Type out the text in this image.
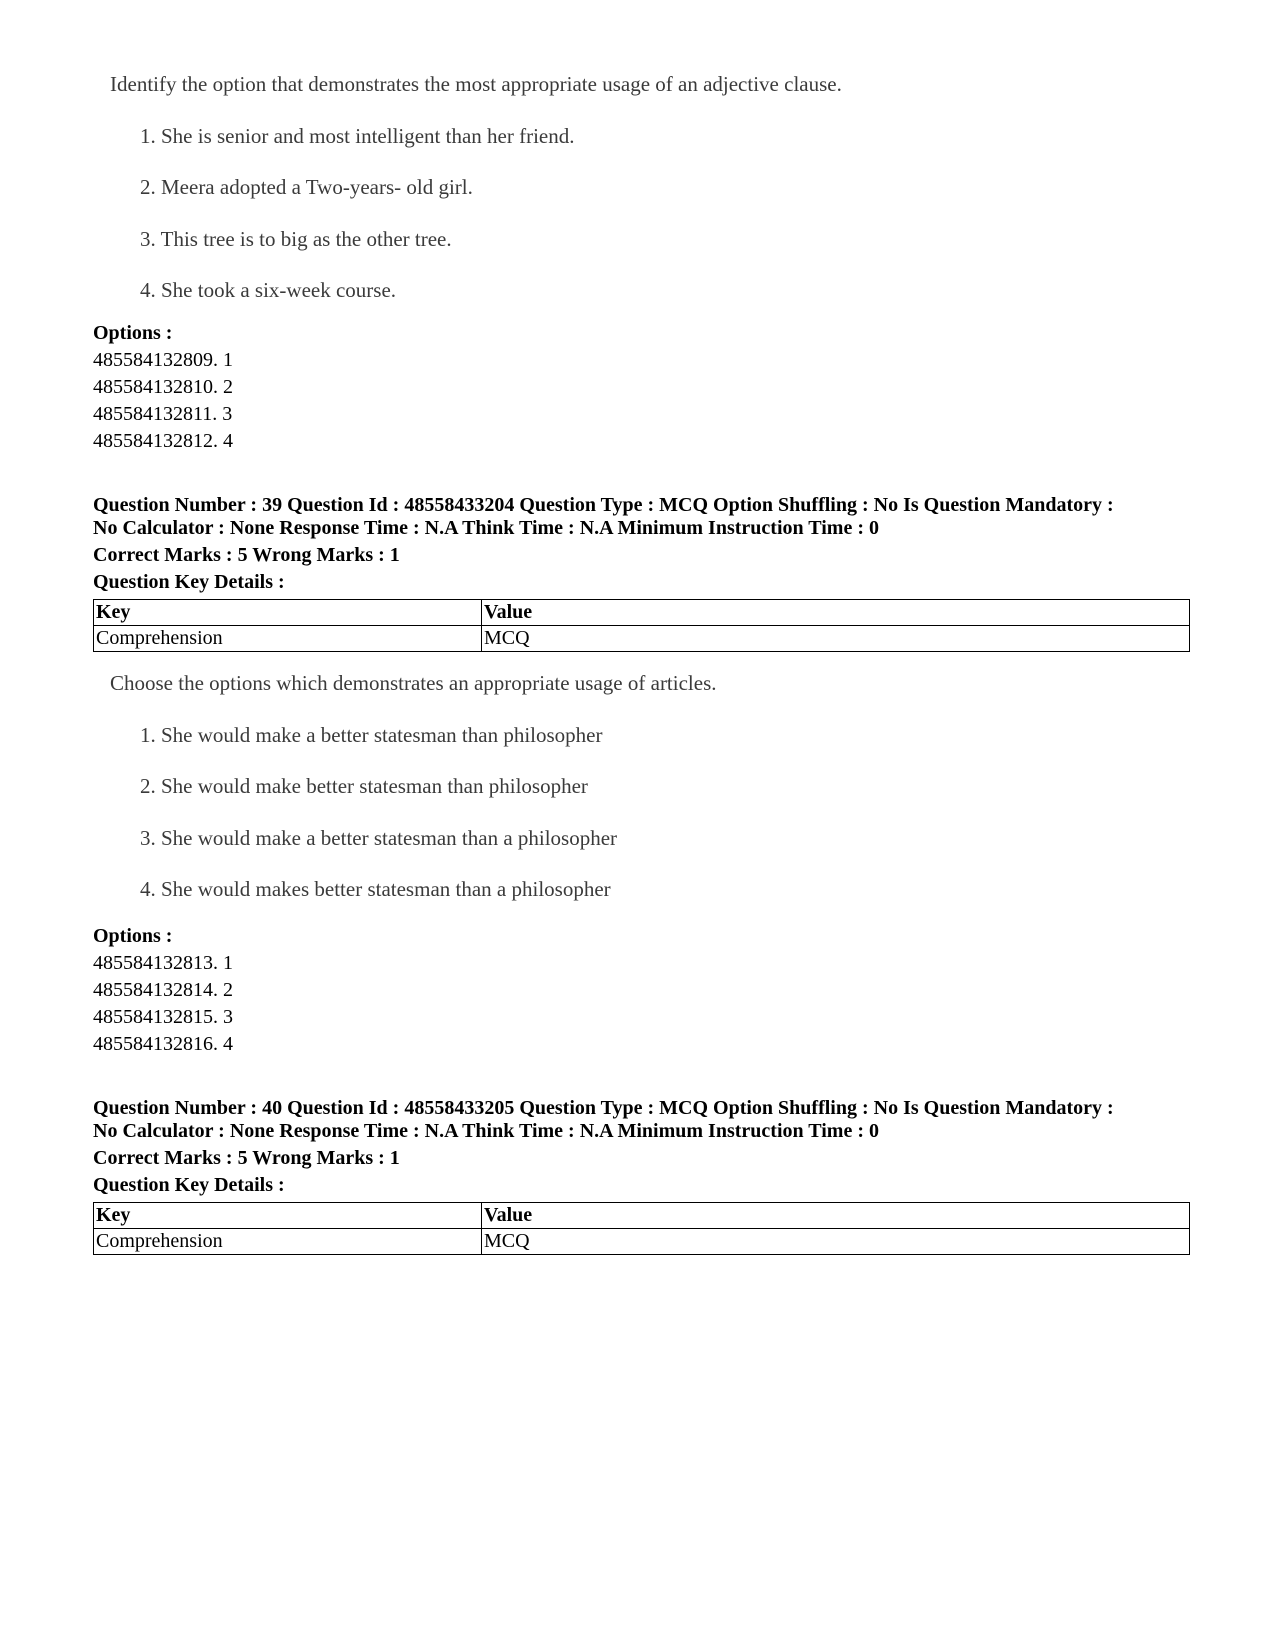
Identify the option that demonstrates the most appropriate usage of an adjective clause.
1. She is senior and most intelligent than her friend.
2. Meera adopted a Two-years- old girl.
3. This tree is to big as the other tree.
4. She took a six-week course.
Options :
485584132809. 1
485584132810. 2
485584132811. 3
485584132812. 4
Question Number : 39 Question Id : 48558433204 Question Type : MCQ Option Shuffling : No Is Question Mandatory :
No Calculator : None Response Time : N.A Think Time : N.A Minimum Instruction Time : 0
Correct Marks : 5 Wrong Marks : 1
Question Key Details :
Key	Value
Comprehension	MCQ
Choose the options which demonstrates an appropriate usage of articles.
1. She would make a better statesman than philosopher
2. She would make better statesman than philosopher
3. She would make a better statesman than a philosopher
4. She would makes better statesman than a philosopher
Options :
485584132813. 1
485584132814. 2
485584132815. 3
485584132816. 4
Question Number : 40 Question Id : 48558433205 Question Type : MCQ Option Shuffling : No Is Question Mandatory :
No Calculator : None Response Time : N.A Think Time : N.A Minimum Instruction Time : 0
Correct Marks : 5 Wrong Marks : 1
Question Key Details :
Key	Value
Comprehension	MCQ
